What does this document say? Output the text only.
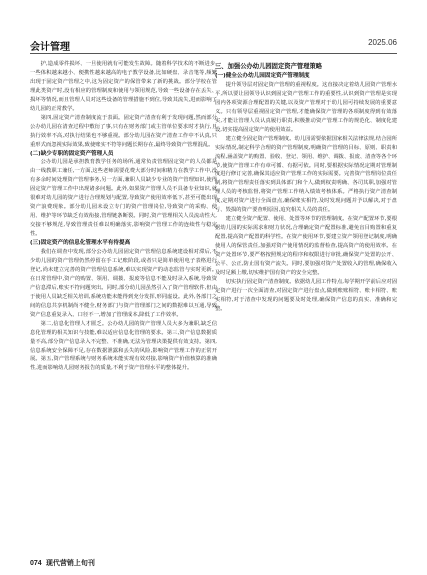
会计管理	2025.06

护,造成零件损坏、一旦使用就有可能发生故障。随着科学技术的不断进步,一些体积越来越小、便携性越来越高的电子教学设备,比如硬盘、录音笔等,频繁出现于固定资产管理之中,这为固定资产的保管带来了新的挑战。部分学校在管理此类资产时,没有相应的管理制度和使用与领用规范,导致一些设备存在丢失、损坏等情况,而且管理人员对这些设备的管理措施不到位,导致其流失,进而影响了幼儿园的正常教学。

第四,固定资产清查制度流于表面。固定资产清查有利于发现问题,然而部分公办幼儿园在清查过程中敷衍了事,只有在财务部门或主管单位要求时才执行,且执行效率不高,对执行结果也不够重视。部分幼儿园在资产清查工作中不认真,只重形式而忽视实际效果,致使账实不符等问题长期存在,最终导致资产管理混乱。

(二)缺少专职的固定资产管理人员

公办幼儿园是承担教育教学任务的场所,通常负责管理固定资产的人员都是由一线教职工兼任,一方面,这些老师需要花费大部分时间和精力在教学工作中,没有多余时间处理资产管理事务,另一方面,兼职人员缺少专业的资产管理知识,使得固定资产管理工作中出现诸多问题。此外,如果资产管理人员不具备专业知识,就很难对幼儿园的资产进行合理规划与配置,导致资产使用效率低下,甚至可能出现资产浪费现象。部分幼儿园未设立专门的资产管理岗位,导致资产的采购、使用、维护等环节缺乏有效衔接,管理链条断裂。同时,资产管理相关人员流动性大,交接不够规范,导致管理责任难以明确落实,影响资产管理工作的连续性与稳定性。

(三)固定资产的信息化管理水平有待提高

我们在调查中发现,部分公办幼儿园固定资产管理信息系统建设相对滞后,不少幼儿园的资产管理仍然停留在手工记账阶段,或者只是简单使用电子表格进行登记,尚未建立完善的资产管理信息系统,难以实现资产的动态监管与实时更新。在日常管理中,资产的购置、领用、调拨、报废等信息不能及时录入系统,导致资产信息滞后,账实不符问题突出。同时,部分幼儿园虽然引入了资产管理软件,但由于使用人员缺乏相关培训,系统功能未能得到充分发挥,形同虚设。此外,各部门之间的信息共享机制尚不健全,财务部门与资产管理部门之间的数据难以互通,导致资产信息重复录入、口径不一,增加了管理成本,降低了工作效率。

第二,信息化管理人才匮乏。公办幼儿园的资产管理人员大多为兼职,缺乏信息化管理的相关知识与技能,难以适应信息化管理的要求。第三,资产信息数据质量不高,部分资产信息录入不完整、不准确,无法为管理决策提供有效支持。第四,信息系统安全保障不足,存在数据泄露和丢失的风险,影响资产管理工作的正常开展。第五,资产管理系统与财务系统未能实现有效对接,影响资产价值核算的准确性,进而影响幼儿园财务报告的质量,不利于资产管理水平的整体提升。

三、加强公办幼儿园固定资产管理策略
(一)健全公办幼儿园固定资产管理制度

提升领导层对固定资产管理的重视程度。这直接决定着幼儿园资产管理水平,所以要让园领导认识到固定资产管理工作的重要性,认识到资产管理是实现园内各项资源合理配置的关键,以及资产管理对于幼儿园可持续发展的重要意义。只有领导层重视固定资产管理,才能确保资产管理的各项制度得到有效落实,才能让管理人员认真履行职责,积极推动资产管理工作的规范化、制度化建设,切实提高固定资产的使用效益。

建立健全固定资产管理制度。幼儿园需要依据国家相关法律法规,结合园所实际情况,制定科学合理的资产管理制度,明确资产管理的目标、原则、职责和流程,涵盖资产的购置、验收、登记、领用、维护、调拨、报废、清查等各个环节,使资产管理工作有章可循、有据可依。同时,要根据实际情况定期对管理制度进行修订完善,确保其适应资产管理工作的实际需要。完善资产管理岗位责任制,将资产管理责任落实到具体部门和个人,做到权责明确、各司其职,加强对管理人员的考核监督,将资产管理工作纳入绩效考核体系。严格执行资产清查制度,定期对资产进行全面盘点,确保账实相符,及时发现问题并予以解决,对于盘亏、毁损的资产要查明原因,追究相关人员的责任。

建立健全资产配置、使用、处置等环节的管理制度。在资产配置环节,要根据幼儿园的实际需求和财力状况,合理确定资产配置标准,避免盲目购置和重复配置,提高资产配置的科学性。在资产使用环节,要建立资产领用登记制度,明确使用人的保管责任,加强对资产使用情况的监督检查,提高资产的使用效率。在资产处置环节,要严格按照规定的程序和权限进行审批,确保资产处置的公开、公平、公正,防止国有资产流失。同时,要加强对资产处置收入的管理,确保收入及时足额上缴,切实维护国有资产的安全完整。

切实执行固定资产清查制度。依据幼儿园工作特点,每学期开学前后应对固定资产进行一次全面清查,对固定资产进行盘点,做到账账相符、账卡相符、账实相符,对于清查中发现的问题要及时处理,确保资产信息的真实、准确和完整。

074 现代营销上旬刊
